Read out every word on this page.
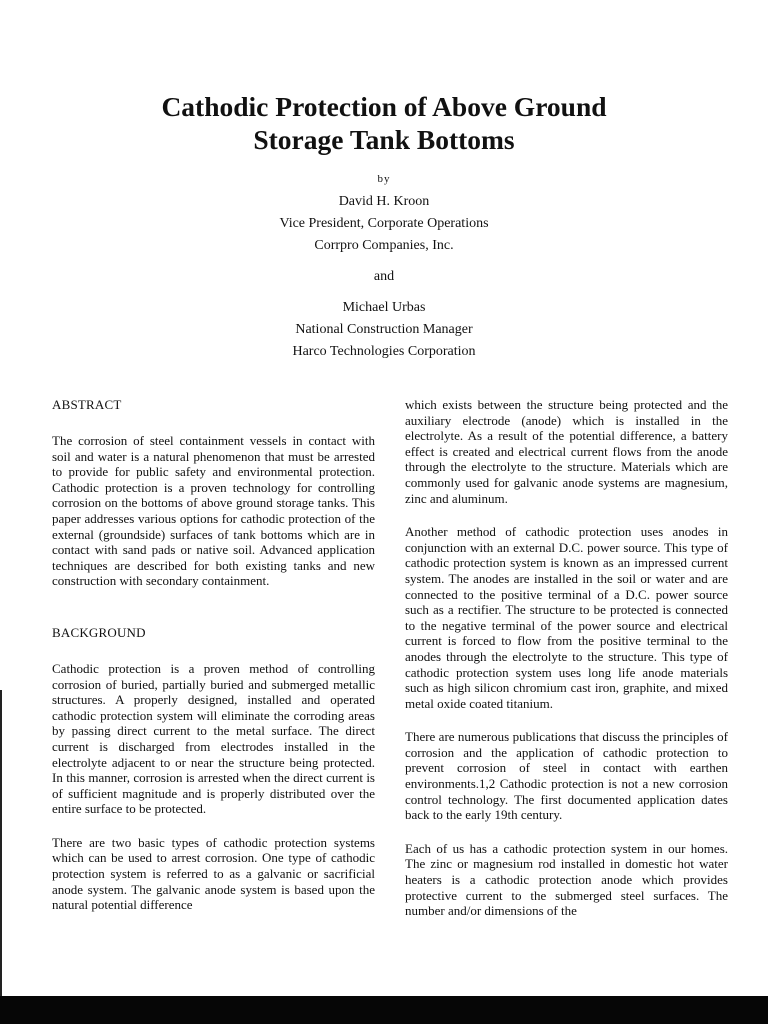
Cathodic Protection of Above Ground
Storage Tank Bottoms
by
David H. Kroon
Vice President, Corporate Operations
Corrpro Companies, Inc.
and
Michael Urbas
National Construction Manager
Harco Technologies Corporation
ABSTRACT

The corrosion of steel containment vessels in contact with soil and water is a natural phenomenon that must be arrested to provide for public safety and environmental protection. Cathodic protection is a proven technology for controlling corrosion on the bottoms of above ground storage tanks. This paper addresses various options for cathodic protection of the external (groundside) surfaces of tank bottoms which are in contact with sand pads or native soil. Advanced application techniques are described for both existing tanks and new construction with secondary containment.

BACKGROUND

Cathodic protection is a proven method of controlling corrosion of buried, partially buried and submerged metallic structures. A properly designed, installed and operated cathodic protection system will eliminate the corroding areas by passing direct current to the metal surface. The direct current is discharged from electrodes installed in the electrolyte adjacent to or near the structure being protected. In this manner, corrosion is arrested when the direct current is of sufficient magnitude and is properly distributed over the entire surface to be protected.

There are two basic types of cathodic protection systems which can be used to arrest corrosion. One type of cathodic protection system is referred to as a galvanic or sacrificial anode system. The galvanic anode system is based upon the natural potential difference

which exists between the structure being protected and the auxiliary electrode (anode) which is installed in the electrolyte. As a result of the potential difference, a battery effect is created and electrical current flows from the anode through the electrolyte to the structure. Materials which are commonly used for galvanic anode systems are magnesium, zinc and aluminum.

Another method of cathodic protection uses anodes in conjunction with an external D.C. power source. This type of cathodic protection system is known as an impressed current system. The anodes are installed in the soil or water and are connected to the positive terminal of a D.C. power source such as a rectifier. The structure to be protected is connected to the negative terminal of the power source and electrical current is forced to flow from the positive terminal to the anodes through the electrolyte to the structure. This type of cathodic protection system uses long life anode materials such as high silicon chromium cast iron, graphite, and mixed metal oxide coated titanium.

There are numerous publications that discuss the principles of corrosion and the application of cathodic protection to prevent corrosion of steel in contact with earthen environments.1,2 Cathodic protection is not a new corrosion control technology. The first documented application dates back to the early 19th century.

Each of us has a cathodic protection system in our homes. The zinc or magnesium rod installed in domestic hot water heaters is a cathodic protection anode which provides protective current to the submerged steel surfaces. The number and/or dimensions of the
